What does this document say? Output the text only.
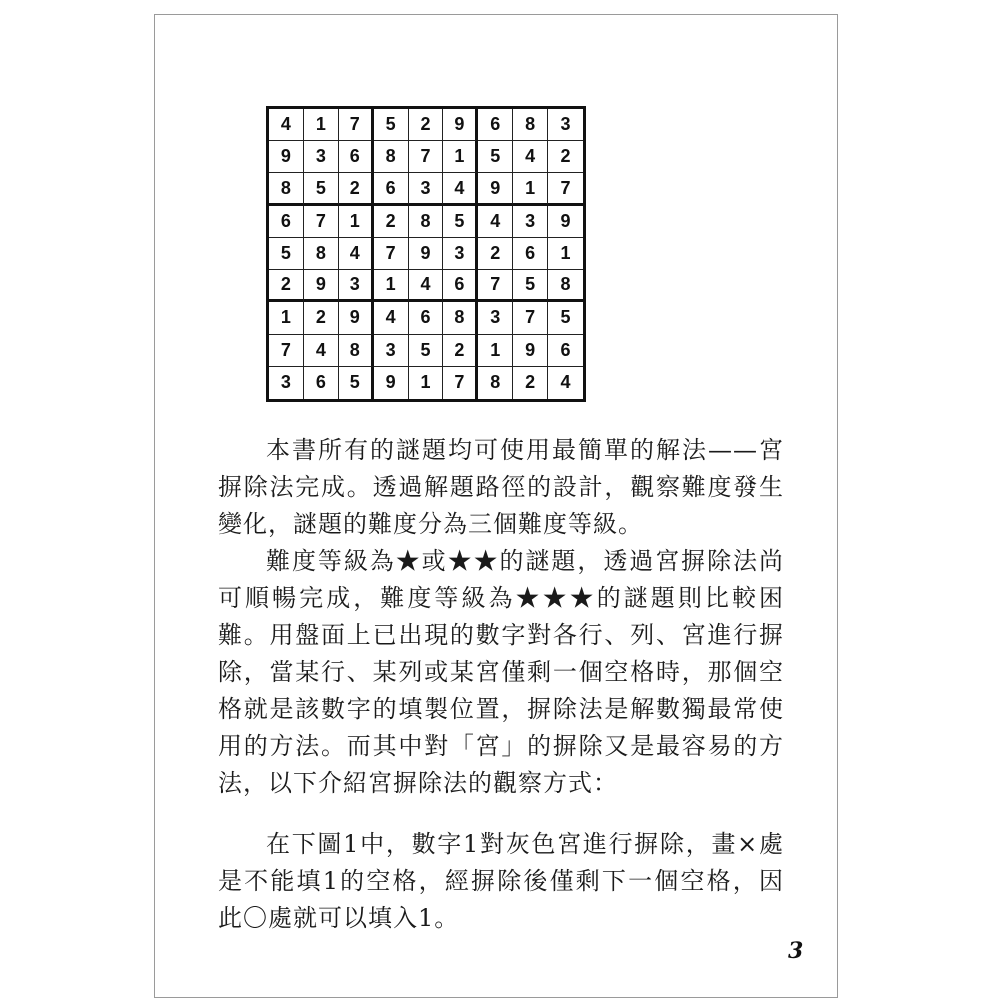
4	1	7	5	2	9	6	8	3
9	3	6	8	7	1	5	4	2
8	5	2	6	3	4	9	1	7
6	7	1	2	8	5	4	3	9
5	8	4	7	9	3	2	6	1
2	9	3	1	4	6	7	5	8
1	2	9	4	6	8	3	7	5
7	4	8	3	5	2	1	9	6
3	6	5	9	1	7	8	2	4

本書所有的謎題均可使用最簡單的解法——宮摒除法完成。透過解題路徑的設計，觀察難度發生變化，謎題的難度分為三個難度等級。

難度等級為★或★★的謎題，透過宮摒除法尚可順暢完成，難度等級為★★★的謎題則比較困難。用盤面上已出現的數字對各行、列、宮進行摒除，當某行、某列或某宮僅剩一個空格時，那個空格就是該數字的填製位置，摒除法是解數獨最常使用的方法。而其中對「宮」的摒除又是最容易的方法，以下介紹宮摒除法的觀察方式：

在下圖1中，數字1對灰色宮進行摒除，畫×處是不能填1的空格，經摒除後僅剩下一個空格，因此〇處就可以填入1。

3
